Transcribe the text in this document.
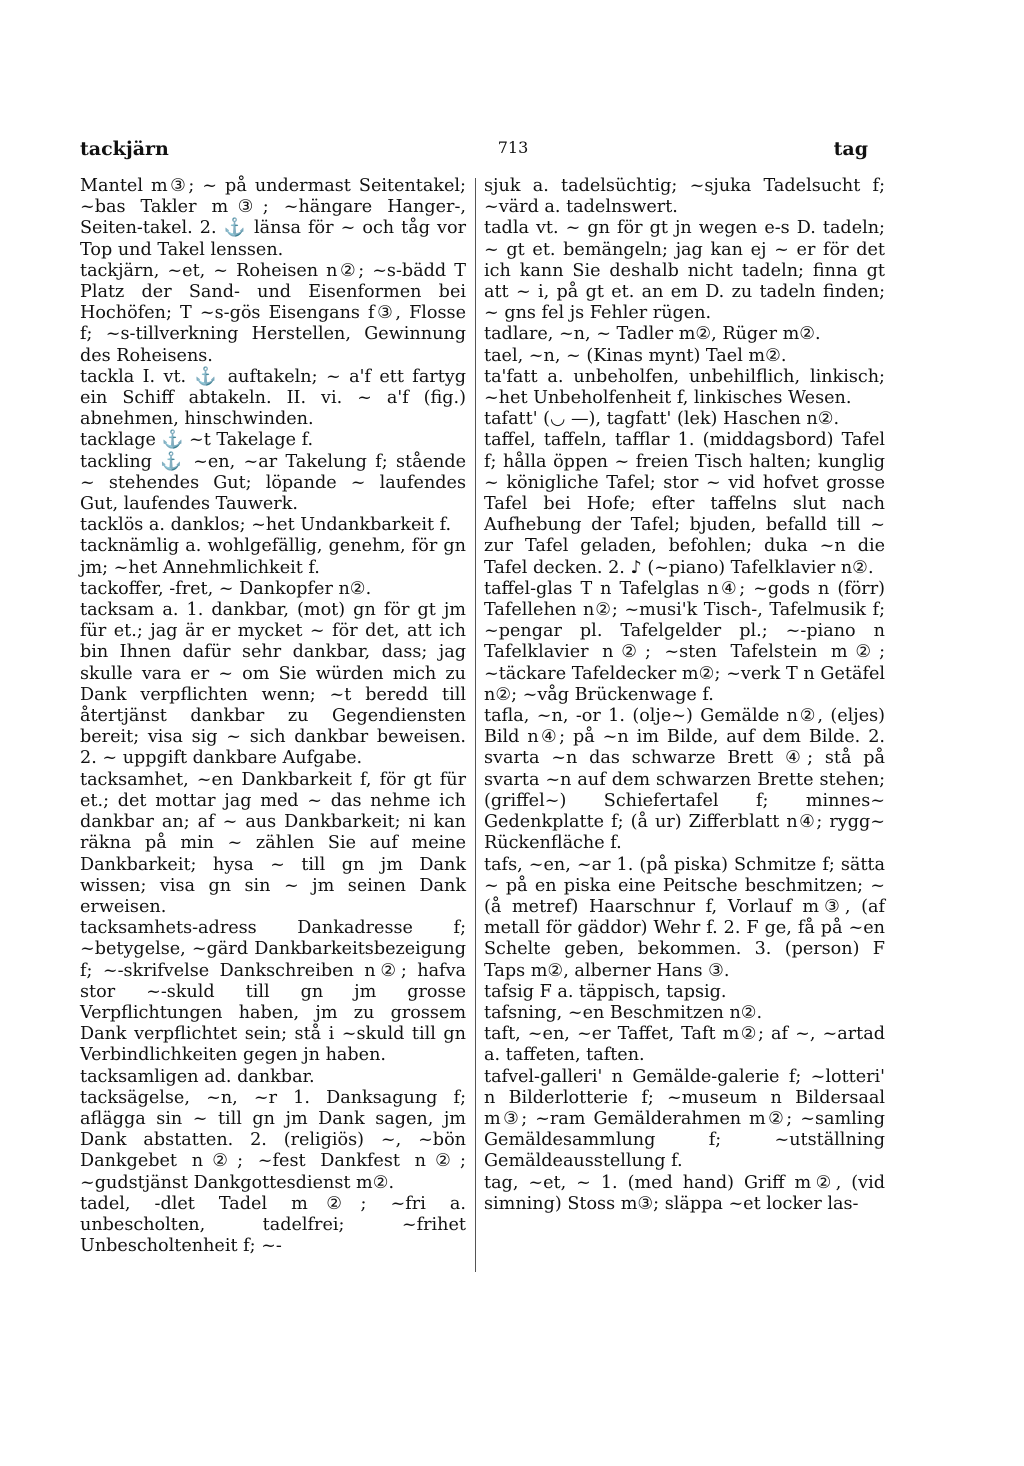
tackjärn	713	tag

Mantel m③; ~ på undermast Seitentakel; ~bas Takler m③; ~hängare Hanger-, Seiten-takel. 2. ⚓ länsa för ~ och tåg vor Top und Takel lenssen.

tackjärn, ~et, ~ Roheisen n②; ~s-bädd T Platz der Sand- und Eisenformen bei Hochöfen; T ~s-gös Eisengans f③, Flosse f; ~s-tillverkning Herstellen, Gewinnung des Roheisens.

tackla I. vt. ⚓ auftakeln; ~ a'f ett fartyg ein Schiff abtakeln. II. vi. ~ a'f (fig.) abnehmen, hinschwinden.

tacklage ⚓ ~t Takelage f.

tackling ⚓ ~en, ~ar Takelung f; stående ~ stehendes Gut; löpande ~ laufendes Gut, laufendes Tauwerk.

tacklös a. danklos; ~het Undankbarkeit f.

tacknämlig a. wohlgefällig, genehm, för gn jm; ~het Annehmlichkeit f.

tackoffer, -fret, ~ Dankopfer n②.

tacksam a. 1. dankbar, (mot) gn för gt jm für et.; jag är er mycket ~ för det, att ich bin Ihnen dafür sehr dankbar, dass; jag skulle vara er ~ om Sie würden mich zu Dank verpflichten wenn; ~t beredd till återtjänst dankbar zu Gegendiensten bereit; visa sig ~ sich dankbar beweisen. 2. ~ uppgift dankbare Aufgabe.

tacksamhet, ~en Dankbarkeit f, för gt für et.; det mottar jag med ~ das nehme ich dankbar an; af ~ aus Dankbarkeit; ni kan räkna på min ~ zählen Sie auf meine Dankbarkeit; hysa ~ till gn jm Dank wissen; visa gn sin ~ jm seinen Dank erweisen.

tacksamhets-adress Dankadresse f; ~betygelse, ~gärd Dankbarkeitsbezeigung f; ~-skrifvelse Dankschreiben n②; hafva stor ~-skuld till gn jm grosse Verpflichtungen haben, jm zu grossem Dank verpflichtet sein; stå i ~skuld till gn Verbindlichkeiten gegen jn haben.

tacksamligen ad. dankbar.

tacksägelse, ~n, ~r 1. Danksagung f; aflägga sin ~ till gn jm Dank sagen, jm Dank abstatten. 2. (religiös) ~, ~bön Dankgebet n②; ~fest Dankfest n②; ~gudstjänst Dankgottesdienst m②.

tadel, -dlet Tadel m②; ~fri a. unbescholten, tadelfrei; ~frihet Unbescholtenheit f; ~-

sjuk a. tadelsüchtig; ~sjuka Tadelsucht f; ~värd a. tadelnswert.

tadla vt. ~ gn för gt jn wegen e-s D. tadeln; ~ gt et. bemängeln; jag kan ej ~ er för det ich kann Sie deshalb nicht tadeln; finna gt att ~ i, på gt et. an em D. zu tadeln finden; ~ gns fel js Fehler rügen.

tadlare, ~n, ~ Tadler m②, Rüger m②.

tael, ~n, ~ (Kinas mynt) Tael m②.

ta'fatt a. unbeholfen, unbehilflich, linkisch; ~het Unbeholfenheit f, linkisches Wesen.

tafatt' (◡ —), tagfatt' (lek) Haschen n②.

taffel, taffeln, tafflar 1. (middagsbord) Tafel f; hålla öppen ~ freien Tisch halten; kunglig ~ königliche Tafel; stor ~ vid hofvet grosse Tafel bei Hofe; efter taffelns slut nach Aufhebung der Tafel; bjuden, befalld till ~ zur Tafel geladen, befohlen; duka ~n die Tafel decken. 2. ♪ (~piano) Tafelklavier n②.

taffel-glas T n Tafelglas n④; ~gods n (förr) Tafellehen n②; ~musi'k Tisch-, Tafelmusik f; ~pengar pl. Tafelgelder pl.; ~-piano n Tafelklavier n②; ~sten Tafelstein m②; ~täckare Tafeldecker m②; ~verk T n Getäfel n②; ~våg Brückenwage f.

tafla, ~n, -or 1. (olje~) Gemälde n②, (eljes) Bild n④; på ~n im Bilde, auf dem Bilde. 2. svarta ~n das schwarze Brett ④; stå på svarta ~n auf dem schwarzen Brette stehen; (griffel~) Schiefertafel f; minnes~ Gedenkplatte f; (å ur) Zifferblatt n④; rygg~ Rückenfläche f.

tafs, ~en, ~ar 1. (på piska) Schmitze f; sätta ~ på en piska eine Peitsche beschmitzen; ~ (å metref) Haarschnur f, Vorlauf m③, (af metall för gäddor) Wehr f. 2. F ge, få på ~en Schelte geben, bekommen. 3. (person) F Taps m②, alberner Hans ③.

tafsig F a. täppisch, tapsig.

tafsning, ~en Beschmitzen n②.

taft, ~en, ~er Taffet, Taft m②; af ~, ~artad a. taffeten, taften.

tafvel-galleri' n Gemälde-galerie f; ~lotteri' n Bilderlotterie f; ~museum n Bildersaal m③; ~ram Gemälderahmen m②; ~samling Gemäldesammlung f; ~utställning Gemäldeausstellung f.

tag, ~et, ~ 1. (med hand) Griff m②, (vid simning) Stoss m③; släppa ~et locker las-
